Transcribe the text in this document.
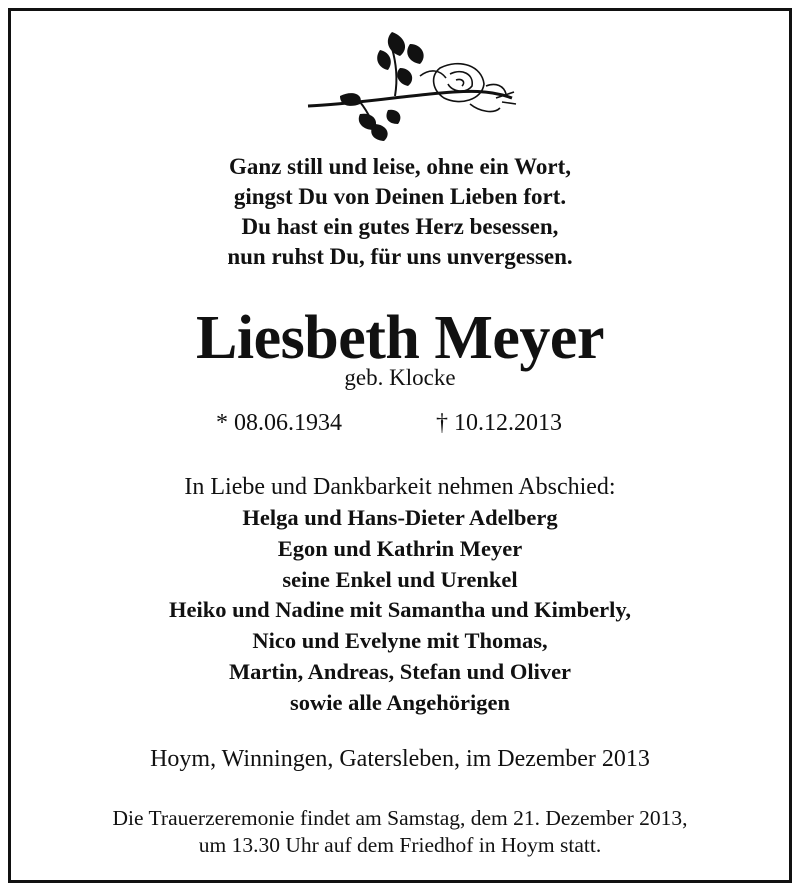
Ganz still und leise, ohne ein Wort,
gingst Du von Deinen Lieben fort.
Du hast ein gutes Herz besessen,
nun ruhst Du, für uns unvergessen.
Liesbeth Meyer
geb. Klocke
* 08.06.1934	† 10.12.2013
In Liebe und Dankbarkeit nehmen Abschied:
Helga und Hans-Dieter Adelberg
Egon und Kathrin Meyer
seine Enkel und Urenkel
Heiko und Nadine mit Samantha und Kimberly,
Nico und Evelyne mit Thomas,
Martin, Andreas, Stefan und Oliver
sowie alle Angehörigen
Hoym, Winningen, Gatersleben, im Dezember 2013
Die Trauerzeremonie findet am Samstag, dem 21. Dezember 2013,
um 13.30 Uhr auf dem Friedhof in Hoym statt.
